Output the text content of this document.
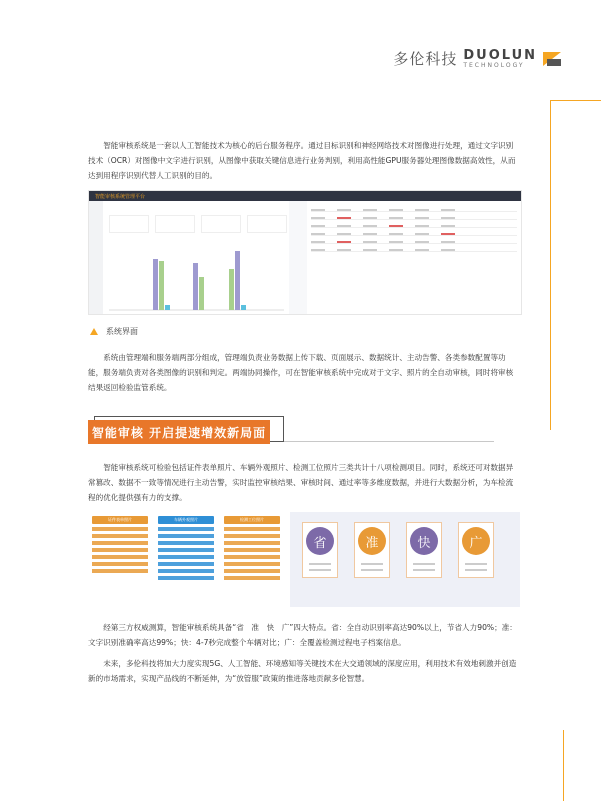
多伦科技 DUOLUN
TECHNOLOGY

智能审核系统是一套以人工智能技术为核心的后台服务程序。通过目标识别和神经网络技术对图像进行处理，通过文字识别技术（OCR）对图像中文字进行识别，从图像中获取关键信息进行业务判别，利用高性能GPU服务器处理图像数据高效性，从而达到用程序识别代替人工识别的目的。

智能审核系统管理平台
系统界面

系统由管理端和服务端两部分组成，管理端负责业务数据上传下载、页面展示、数据统计、主动告警、各类参数配置等功能，服务端负责对各类图像的识别和判定。两端协同操作，可在智能审核系统中完成对于文字、照片的全自动审核，同时将审核结果返回检验监管系统。

智能审核 开启提速增效新局面

智能审核系统可检验包括证件表单照片、车辆外观照片、检测工位照片三类共计十八项检测项目。同时，系统还可对数据异常篡改、数据不一致等情况进行主动告警，实时监控审核结果、审核时间、通过率等多维度数据，并进行大数据分析，为车检流程的优化提供强有力的支撑。

证件表单照片	车辆外观照片	检测工位照片
省	准	快	广

经第三方权威测算，智能审核系统具备“省　准　快　广”四大特点。省：全自动识别率高达90%以上，节省人力90%；准：文字识别准确率高达99%；快：4-7秒完成整个车辆对比；广：全覆盖检测过程电子档案信息。

未来，多伦科技将加大力度实现5G、人工智能、环境感知等关键技术在大交通领域的深度应用，利用技术有效地刺激并创造新的市场需求，实现产品线的不断延伸，为“放管服”政策的推进落地贡献多伦智慧。
